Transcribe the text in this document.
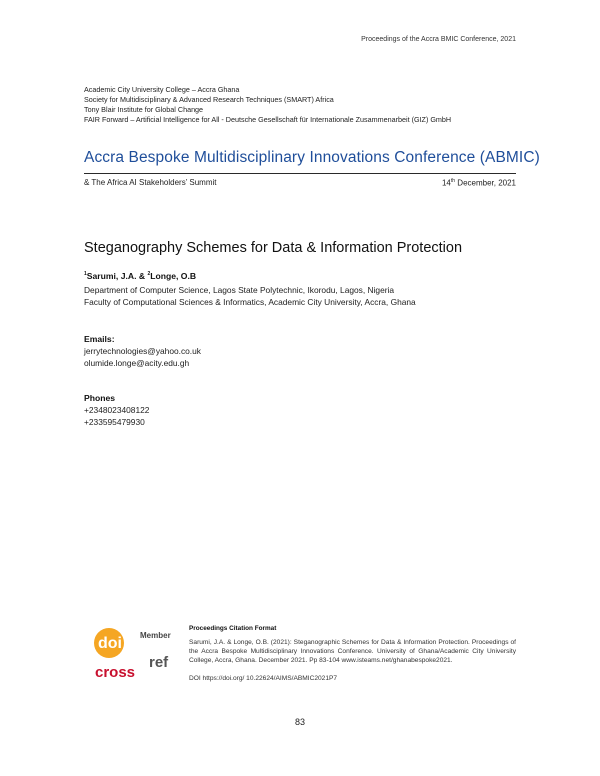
Proceedings of the Accra BMIC Conference, 2021
Academic City University College – Accra Ghana
Society for Multidisciplinary & Advanced Research Techniques (SMART) Africa
Tony Blair Institute for Global Change
FAIR Forward – Artificial Intelligence for All - Deutsche Gesellschaft für Internationale Zusammenarbeit (GIZ) GmbH
Accra Bespoke Multidisciplinary Innovations Conference (ABMIC)
& The Africa AI Stakeholders’ Summit	14th December, 2021
Steganography Schemes for Data & Information Protection
$^1$Sarumi, J.A. & $^2$Longe, O.B
Department of Computer Science, Lagos State Polytechnic, Ikorodu, Lagos, Nigeria
Faculty of Computational Sciences & Informatics, Academic City University, Accra, Ghana
Emails:
jerrytechnologies@yahoo.co.uk
olumide.longe@acity.edu.gh
Phones
+2348023408122
+233595479930
doi Member
ref
cross
Proceedings Citation Format
Sarumi, J.A. & Longe, O.B. (2021): Steganographic Schemes for Data & Information Protection. Proceedings of the Accra Bespoke Multidisciplinary Innovations Conference. University of Ghana/Academic City University College, Accra, Ghana. December 2021. Pp 83-104 www.isteams.net/ghanabespoke2021.
DOI https://doi.org/ 10.22624/AIMS/ABMIC2021P7
83
